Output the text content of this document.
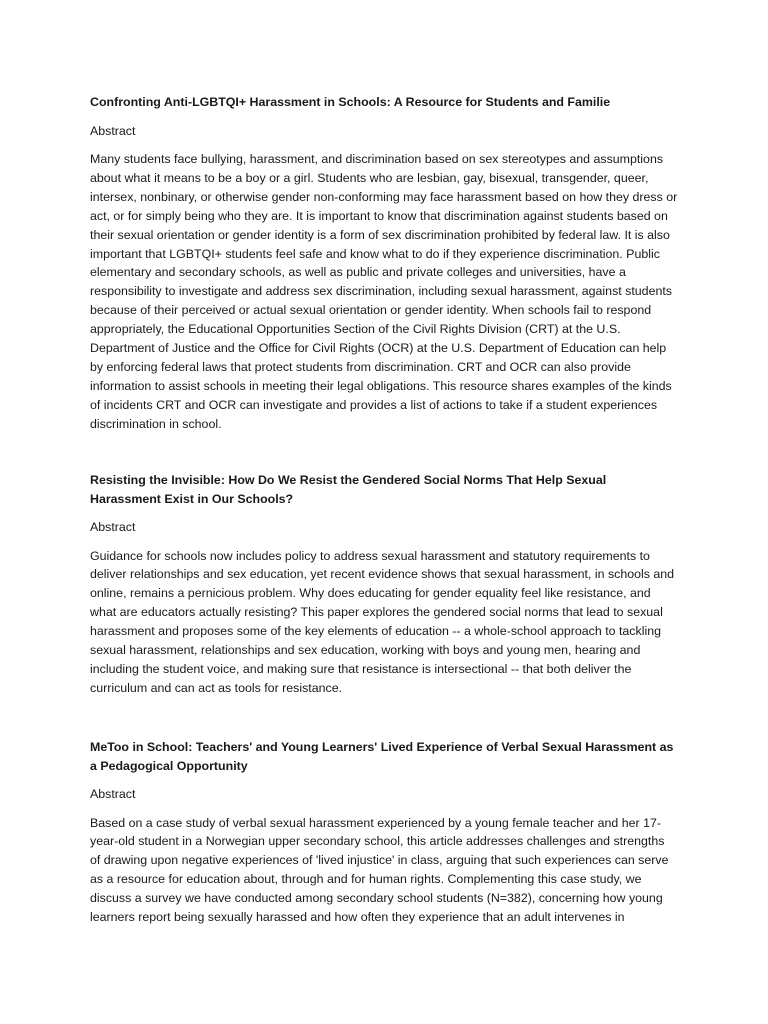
Confronting Anti-LGBTQI+ Harassment in Schools: A Resource for Students and Familie

Abstract

Many students face bullying, harassment, and discrimination based on sex stereotypes and assumptions about what it means to be a boy or a girl. Students who are lesbian, gay, bisexual, transgender, queer, intersex, nonbinary, or otherwise gender non-conforming may face harassment based on how they dress or act, or for simply being who they are. It is important to know that discrimination against students based on their sexual orientation or gender identity is a form of sex discrimination prohibited by federal law. It is also important that LGBTQI+ students feel safe and know what to do if they experience discrimination. Public elementary and secondary schools, as well as public and private colleges and universities, have a responsibility to investigate and address sex discrimination, including sexual harassment, against students because of their perceived or actual sexual orientation or gender identity. When schools fail to respond appropriately, the Educational Opportunities Section of the Civil Rights Division (CRT) at the U.S. Department of Justice and the Office for Civil Rights (OCR) at the U.S. Department of Education can help by enforcing federal laws that protect students from discrimination. CRT and OCR can also provide information to assist schools in meeting their legal obligations. This resource shares examples of the kinds of incidents CRT and OCR can investigate and provides a list of actions to take if a student experiences discrimination in school.

Resisting the Invisible: How Do We Resist the Gendered Social Norms That Help Sexual Harassment Exist in Our Schools?

Abstract

Guidance for schools now includes policy to address sexual harassment and statutory requirements to deliver relationships and sex education, yet recent evidence shows that sexual harassment, in schools and online, remains a pernicious problem. Why does educating for gender equality feel like resistance, and what are educators actually resisting? This paper explores the gendered social norms that lead to sexual harassment and proposes some of the key elements of education -- a whole-school approach to tackling sexual harassment, relationships and sex education, working with boys and young men, hearing and including the student voice, and making sure that resistance is intersectional -- that both deliver the curriculum and can act as tools for resistance.

MeToo in School: Teachers' and Young Learners' Lived Experience of Verbal Sexual Harassment as a Pedagogical Opportunity

Abstract

Based on a case study of verbal sexual harassment experienced by a young female teacher and her 17-year-old student in a Norwegian upper secondary school, this article addresses challenges and strengths of drawing upon negative experiences of 'lived injustice' in class, arguing that such experiences can serve as a resource for education about, through and for human rights. Complementing this case study, we discuss a survey we have conducted among secondary school students (N=382), concerning how young learners report being sexually harassed and how often they experience that an adult intervenes in
